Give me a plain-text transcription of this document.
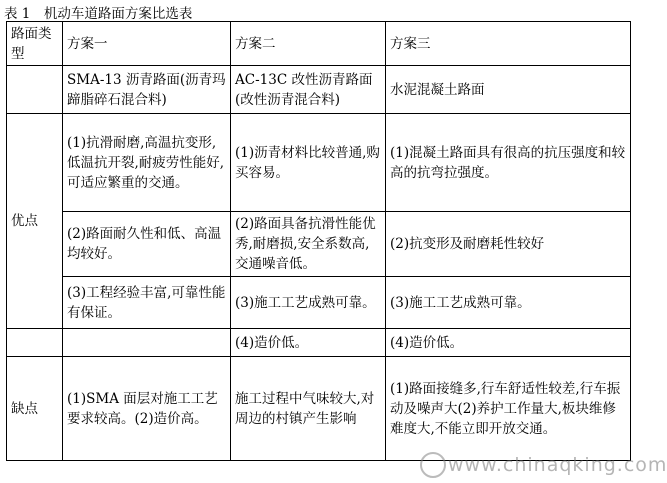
表 1　机动车道路面方案比选表
路面类型	方案一	方案二	方案三
	SMA-13 沥青路面(沥青玛蹄脂碎石混合料)	AC-13C 改性沥青路面(改性沥青混合料)	水泥混凝土路面
优点	(1)抗滑耐磨,高温抗变形,低温抗开裂,耐疲劳性能好,可适应繁重的交通。	(1)沥青材料比较普通,购买容易。	(1)混凝土路面具有很高的抗压强度和较高的抗弯拉强度。
	(2)路面耐久性和低、高温均较好。	(2)路面具备抗滑性能优秀,耐磨损,安全系数高,交通噪音低。	(2)抗变形及耐磨耗性较好
	(3)工程经验丰富,可靠性能有保证。	(3)施工工艺成熟可靠。	(3)施工工艺成熟可靠。
		(4)造价低。	(4)造价低。
缺点	(1)SMA 面层对施工工艺要求较高。(2)造价高。	施工过程中气味较大,对周边的村镇产生影响	(1)路面接缝多,行车舒适性较差,行车振动及噪声大(2)养护工作量大,板块维修难度大,不能立即开放交通。
www.chinaqking.com
